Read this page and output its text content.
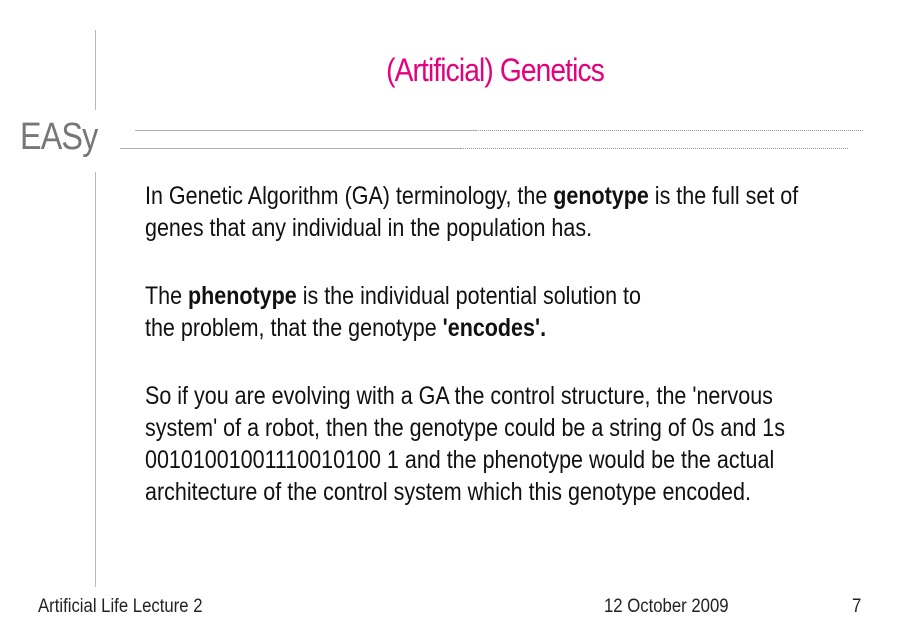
(Artificial) Genetics
EASy

In Genetic Algorithm (GA) terminology, the genotype is the full set of
genes that any individual in the population has.

The phenotype is the individual potential solution to
the problem, that the genotype 'encodes'.

So if you are evolving with a GA the control structure, the 'nervous
system' of a robot, then the genotype could be a string of 0s and 1s
00101001001110010100 1 and the phenotype would be the actual
architecture of the control system which this genotype encoded.

Artificial Life Lecture 2	12 October 2009	7
